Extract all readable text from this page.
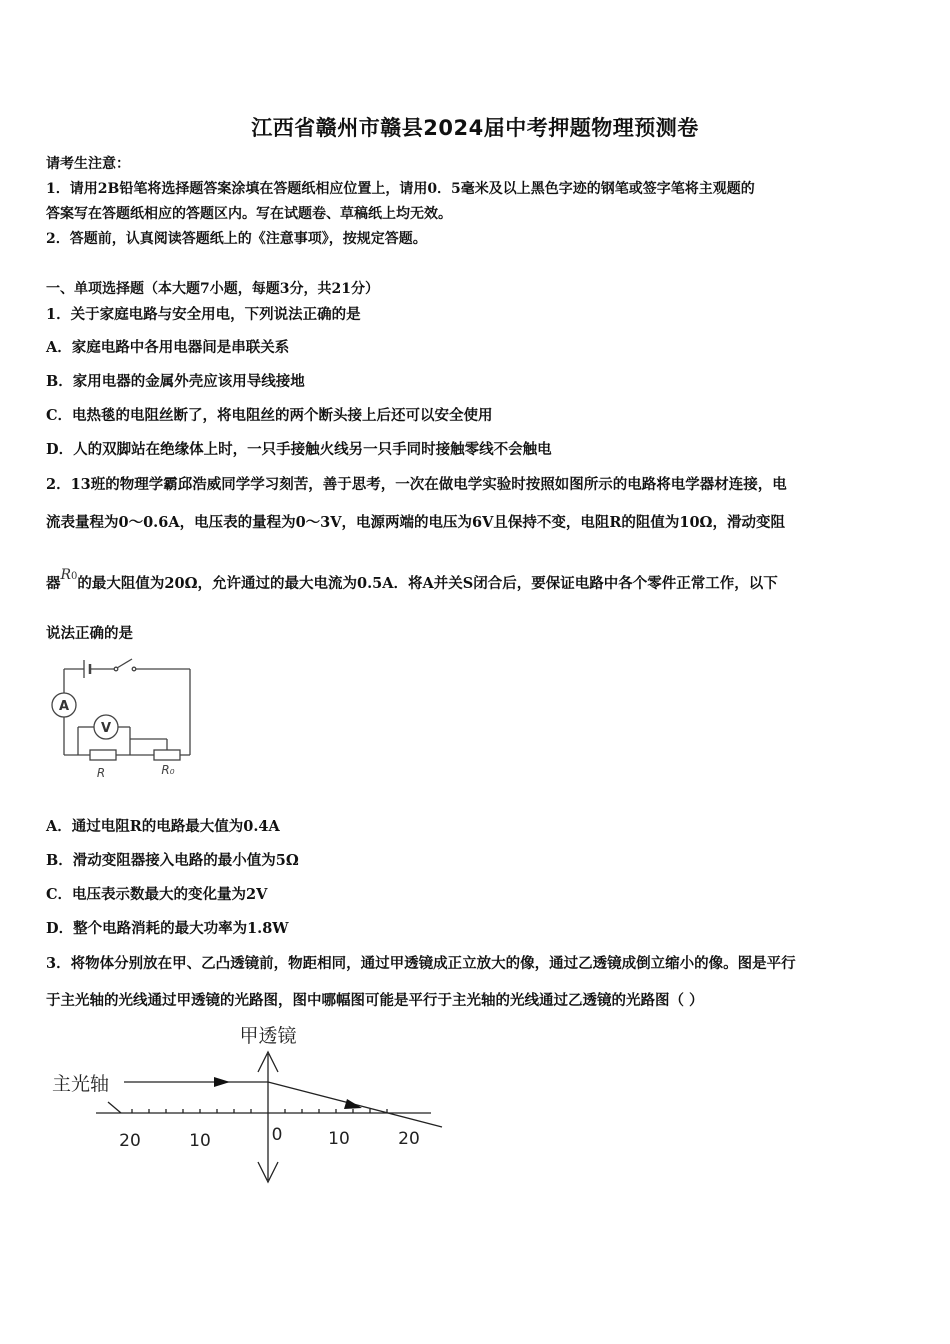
江西省赣州市赣县2024届中考押题物理预测卷
请考生注意：
1．请用2B铅笔将选择题答案涂填在答题纸相应位置上，请用0．5毫米及以上黑色字迹的钢笔或签字笔将主观题的
答案写在答题纸相应的答题区内。写在试题卷、草稿纸上均无效。
2．答题前，认真阅读答题纸上的《注意事项》，按规定答题。
一、单项选择题（本大题7小题，每题3分，共21分）
1．关于家庭电路与安全用电，下列说法正确的是
A．家庭电路中各用电器间是串联关系
B．家用电器的金属外壳应该用导线接地
C．电热毯的电阻丝断了，将电阻丝的两个断头接上后还可以安全使用
D．人的双脚站在绝缘体上时，一只手接触火线另一只手同时接触零线不会触电
2．13班的物理学霸邱浩威同学学习刻苦，善于思考，一次在做电学实验时按照如图所示的电路将电学器材连接，电
流表量程为0～0.6A，电压表的量程为0～3V，电源两端的电压为6V且保持不变，电阻R的阻值为10Ω，滑动变阻
器R0的最大阻值为20Ω，允许通过的最大电流为0.5A．将A并关S闭合后，要保证电路中各个零件正常工作，以下
说法正确的是
A
V
R	R₀
A．通过电阻R的电路最大值为0.4A
B．滑动变阻器接入电路的最小值为5Ω
C．电压表示数最大的变化量为2V
D．整个电路消耗的最大功率为1.8W
3．将物体分别放在甲、乙凸透镜前，物距相同，通过甲透镜成正立放大的像，通过乙透镜成倒立缩小的像。图是平行
于主光轴的光线通过甲透镜的光路图，图中哪幅图可能是平行于主光轴的光线通过乙透镜的光路图（ ）
甲透镜
主光轴
20	10	0	10	20
